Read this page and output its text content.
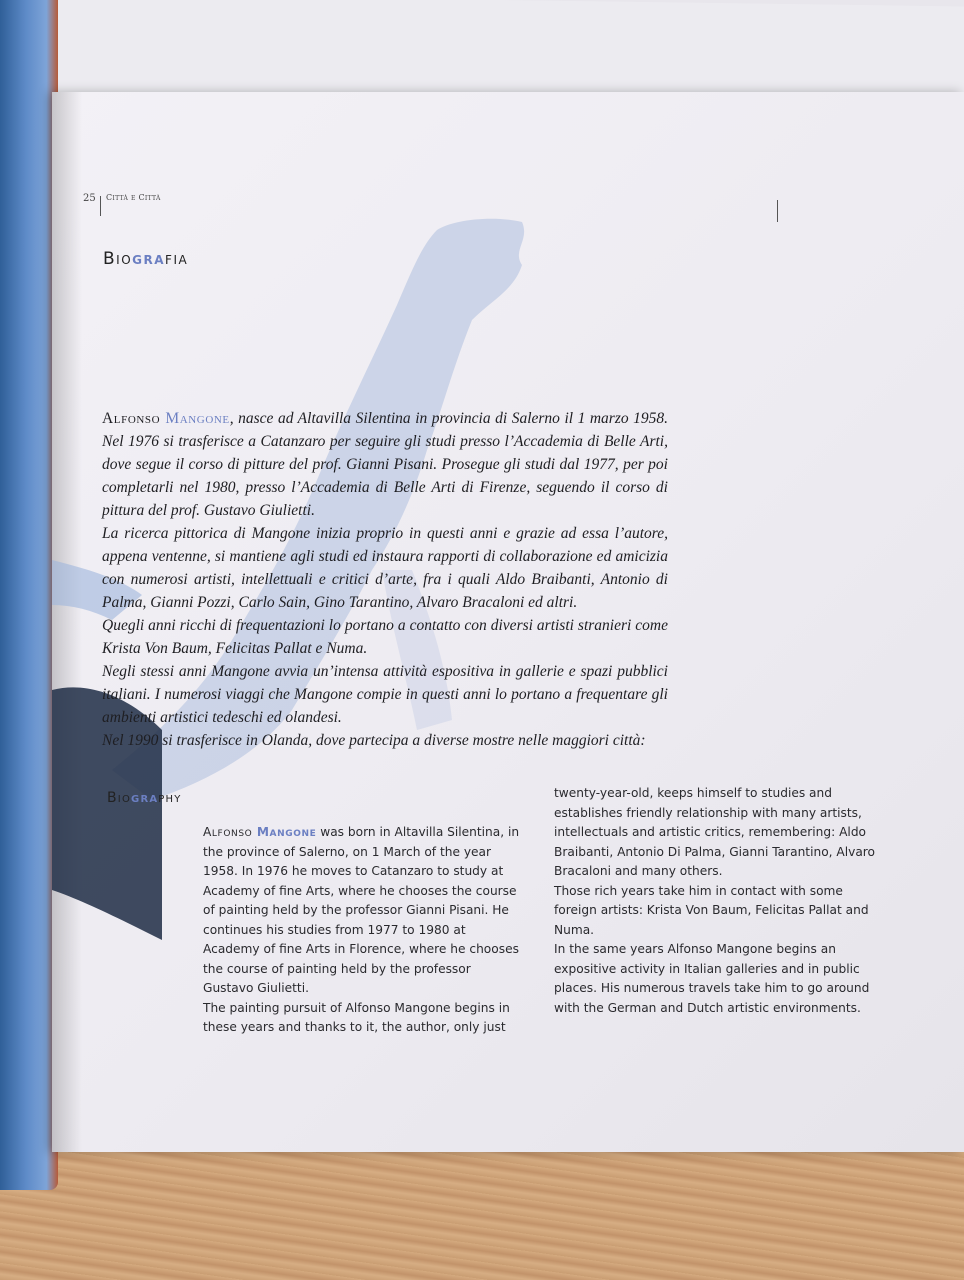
25 Città e Città
Biografia

Alfonso Mangone, nasce ad Altavilla Silentina in provincia di Salerno il 1 marzo 1958. Nel 1976 si trasferisce a Catanzaro per seguire gli studi presso l’Accademia di Belle Arti, dove segue il corso di pitture del prof. Gianni Pisani. Prosegue gli studi dal 1977, per poi completarli nel 1980, presso l’Accademia di Belle Arti di Firenze, seguendo il corso di pittura del prof. Gustavo Giulietti.

La ricerca pittorica di Mangone inizia proprio in questi anni e grazie ad essa l’autore, appena ventenne, si mantiene agli studi ed instaura rapporti di collaborazione ed amicizia con numerosi artisti, intellettuali e critici d’arte, fra i quali Aldo Braibanti, Antonio di Palma, Gianni Pozzi, Carlo Sain, Gino Tarantino, Alvaro Bracaloni ed altri.

Quegli anni ricchi di frequentazioni lo portano a contatto con diversi artisti stranieri come Krista Von Baum, Felicitas Pallat e Numa.

Negli stessi anni Mangone avvia un’intensa attività espositiva in gallerie e spazi pubblici italiani. I numerosi viaggi che Mangone compie in questi anni lo portano a frequentare gli ambienti artistici tedeschi ed olandesi.

Nel 1990 si trasferisce in Olanda, dove partecipa a diverse mostre nelle maggiori città:

Biography

Alfonso Mangone was born in Altavilla Silentina, in the province of Salerno, on 1 March of the year 1958. In 1976 he moves to Catanzaro to study at Academy of fine Arts, where he chooses the course of painting held by the professor Gianni Pisani. He continues his studies from 1977 to 1980 at Academy of fine Arts in Florence, where he chooses the course of painting held by the professor Gustavo Giulietti.

The painting pursuit of Alfonso Mangone begins in these years and thanks to it, the author, only just

twenty-year-old, keeps himself to studies and establishes friendly relationship with many artists, intellectuals and artistic critics, remembering: Aldo Braibanti, Antonio Di Palma, Gianni Tarantino, Alvaro Bracaloni and many others.

Those rich years take him in contact with some foreign artists: Krista Von Baum, Felicitas Pallat and Numa.

In the same years Alfonso Mangone begins an expositive activity in Italian galleries and in public places. His numerous travels take him to go around with the German and Dutch artistic environments.
